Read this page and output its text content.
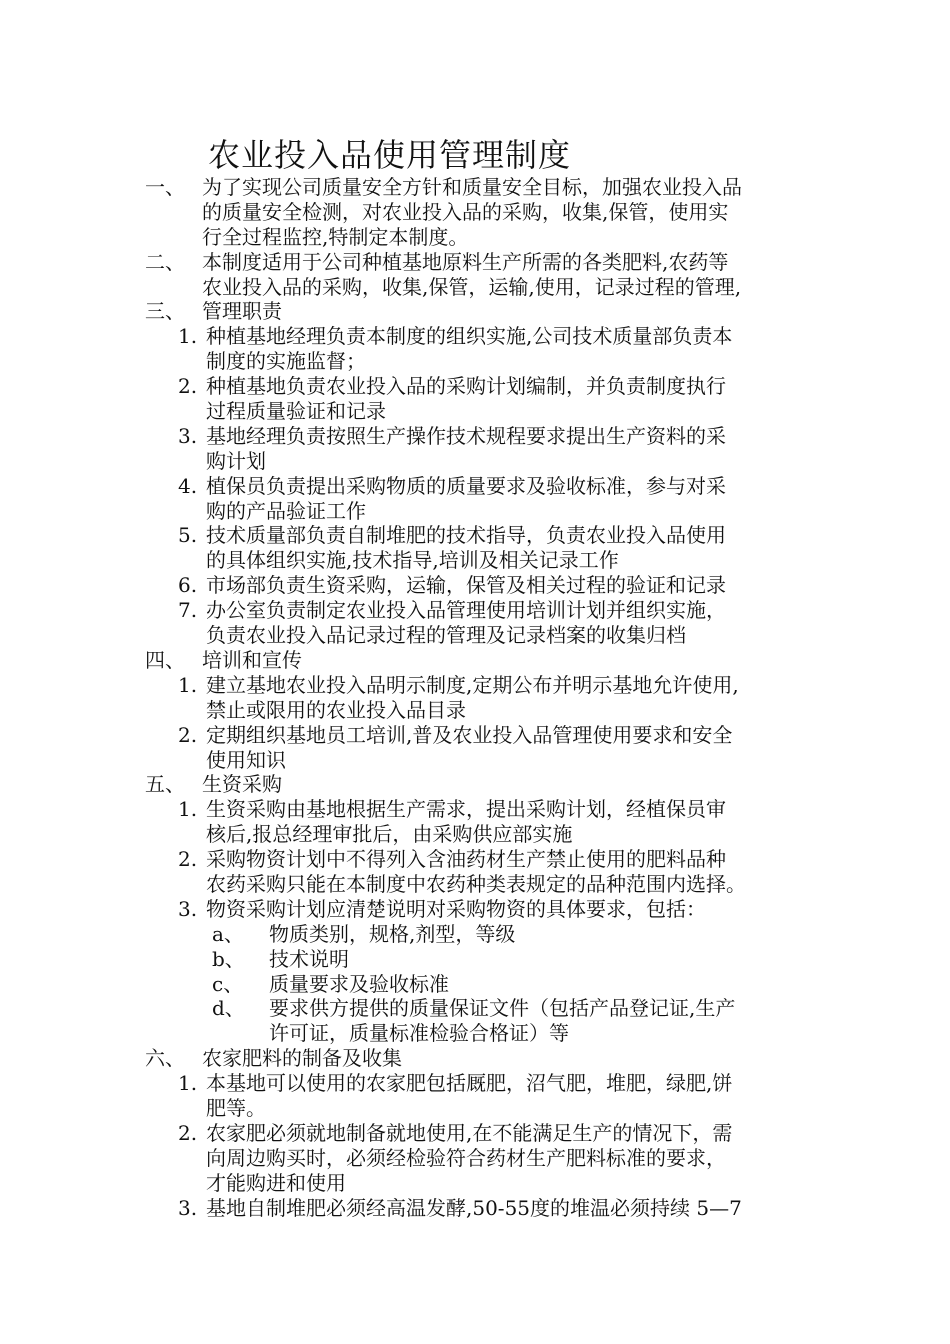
农业投入品使用管理制度
一、 为了实现公司质量安全方针和质量安全目标，加强农业投入品
的质量安全检测，对农业投入品的采购，收集,保管，使用实
行全过程监控,特制定本制度。
二、 本制度适用于公司种植基地原料生产所需的各类肥料,农药等
农业投入品的采购，收集,保管，运输,使用，记录过程的管理,
三、 管理职责
1. 种植基地经理负责本制度的组织实施,公司技术质量部负责本
制度的实施监督；
2. 种植基地负责农业投入品的采购计划编制，并负责制度执行
过程质量验证和记录
3. 基地经理负责按照生产操作技术规程要求提出生产资料的采
购计划
4. 植保员负责提出采购物质的质量要求及验收标准，参与对采
购的产品验证工作
5. 技术质量部负责自制堆肥的技术指导，负责农业投入品使用
的具体组织实施,技术指导,培训及相关记录工作
6. 市场部负责生资采购，运输，保管及相关过程的验证和记录
7. 办公室负责制定农业投入品管理使用培训计划并组织实施，
负责农业投入品记录过程的管理及记录档案的收集归档
四、 培训和宣传
1. 建立基地农业投入品明示制度,定期公布并明示基地允许使用,
禁止或限用的农业投入品目录
2. 定期组织基地员工培训,普及农业投入品管理使用要求和安全
使用知识
五、 生资采购
1. 生资采购由基地根据生产需求，提出采购计划，经植保员审
核后,报总经理审批后，由采购供应部实施
2. 采购物资计划中不得列入含油药材生产禁止使用的肥料品种
农药采购只能在本制度中农药种类表规定的品种范围内选择。
3. 物资采购计划应清楚说明对采购物资的具体要求，包括：
a、 物质类别，规格,剂型，等级
b、 技术说明
c、 质量要求及验收标准
d、 要求供方提供的质量保证文件（包括产品登记证,生产
许可证，质量标准检验合格证）等
六、 农家肥料的制备及收集
1. 本基地可以使用的农家肥包括厩肥，沼气肥，堆肥，绿肥,饼
肥等。
2. 农家肥必须就地制备就地使用,在不能满足生产的情况下，需
向周边购买时，必须经检验符合药材生产肥料标准的要求，
才能购进和使用
3. 基地自制堆肥必须经高温发酵,50-55度的堆温必须持续 5—7
